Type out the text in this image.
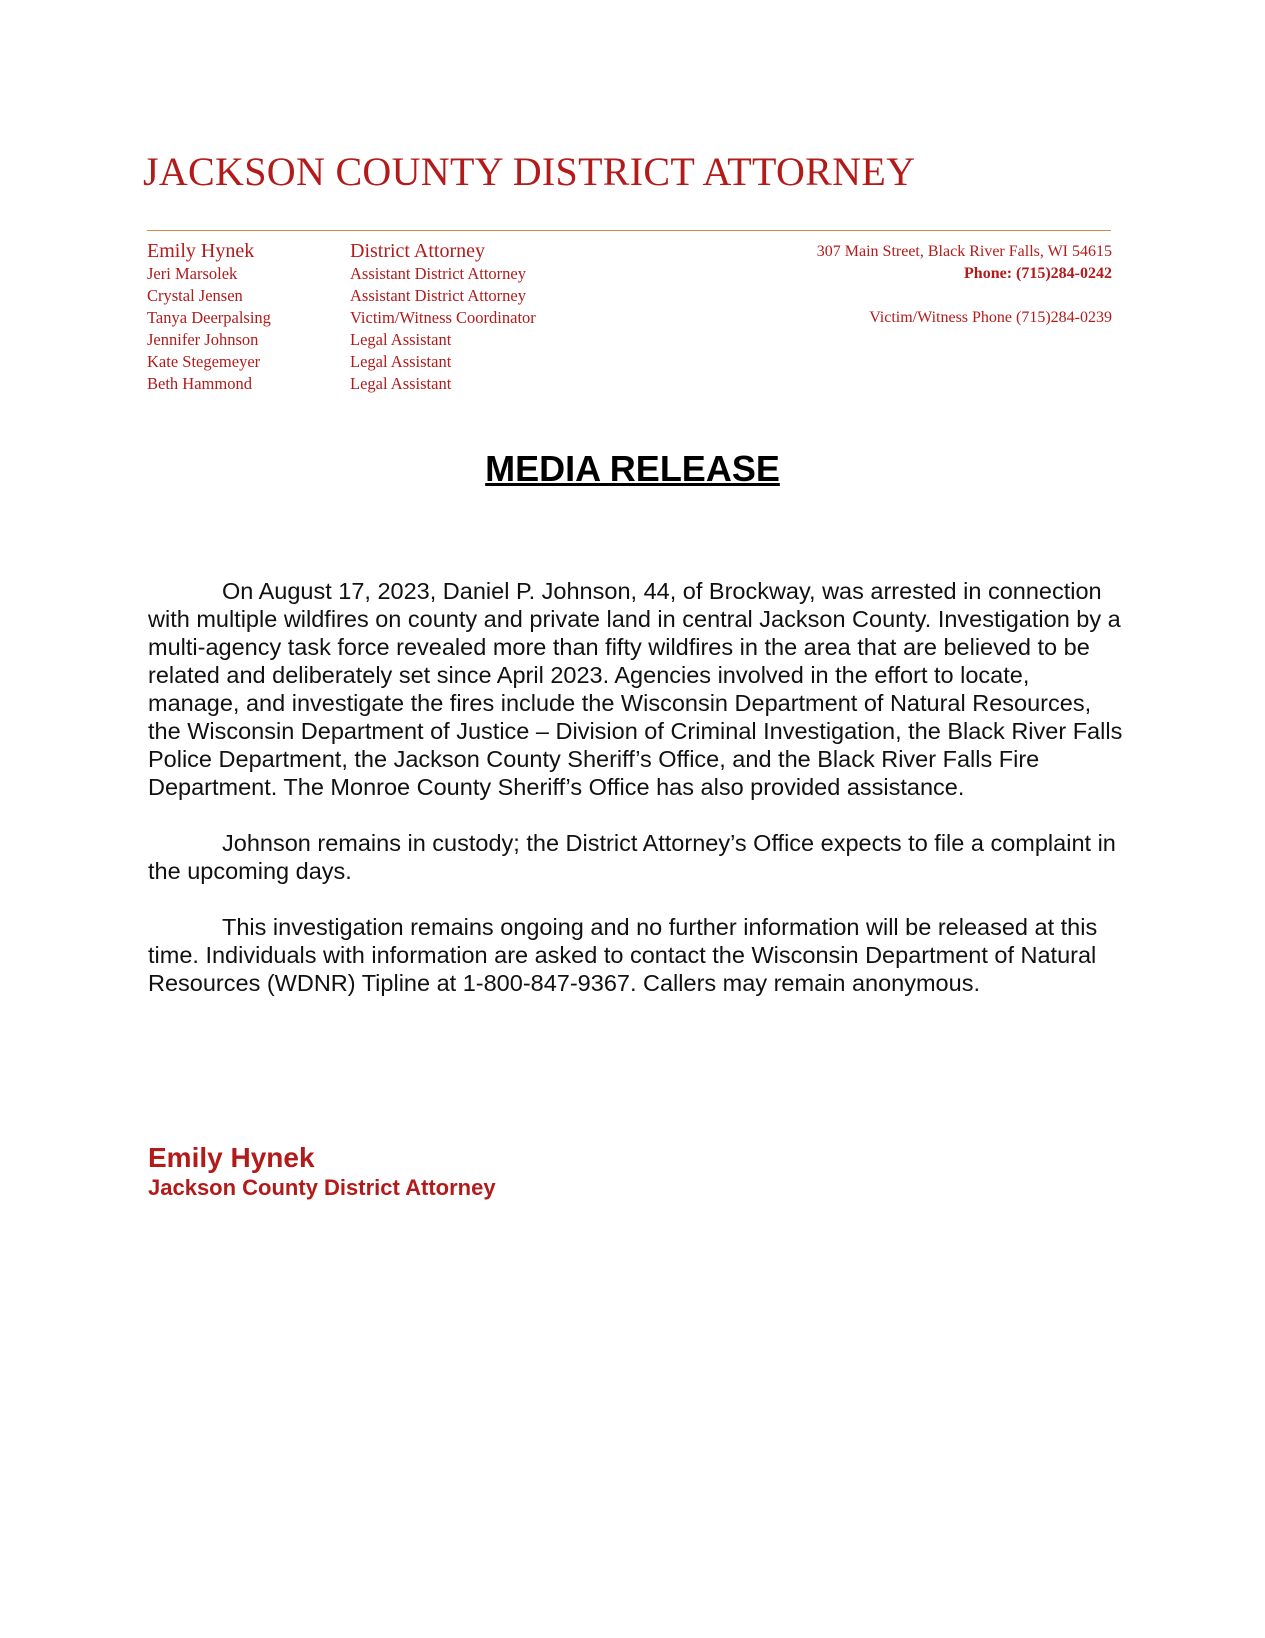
JACKSON COUNTY DISTRICT ATTORNEY
Emily Hynek
Jeri Marsolek
Crystal Jensen
Tanya Deerpalsing
Jennifer Johnson
Kate Stegemeyer
Beth Hammond
District Attorney
Assistant District Attorney
Assistant District Attorney
Victim/Witness Coordinator
Legal Assistant
Legal Assistant
Legal Assistant
307 Main Street, Black River Falls, WI 54615
Phone: (715)284-0242
Victim/Witness Phone (715)284-0239
MEDIA RELEASE

On August 17, 2023, Daniel P. Johnson, 44, of Brockway, was arrested in connection with multiple wildfires on county and private land in central Jackson County. Investigation by a multi-agency task force revealed more than fifty wildfires in the area that are believed to be related and deliberately set since April 2023. Agencies involved in the effort to locate, manage, and investigate the fires include the Wisconsin Department of Natural Resources, the Wisconsin Department of Justice – Division of Criminal Investigation, the Black River Falls Police Department, the Jackson County Sheriff’s Office, and the Black River Falls Fire Department. The Monroe County Sheriff’s Office has also provided assistance.

Johnson remains in custody; the District Attorney’s Office expects to file a complaint in the upcoming days.

This investigation remains ongoing and no further information will be released at this time. Individuals with information are asked to contact the Wisconsin Department of Natural Resources (WDNR) Tipline at 1-800-847-9367. Callers may remain anonymous.

Emily Hynek
Jackson County District Attorney
